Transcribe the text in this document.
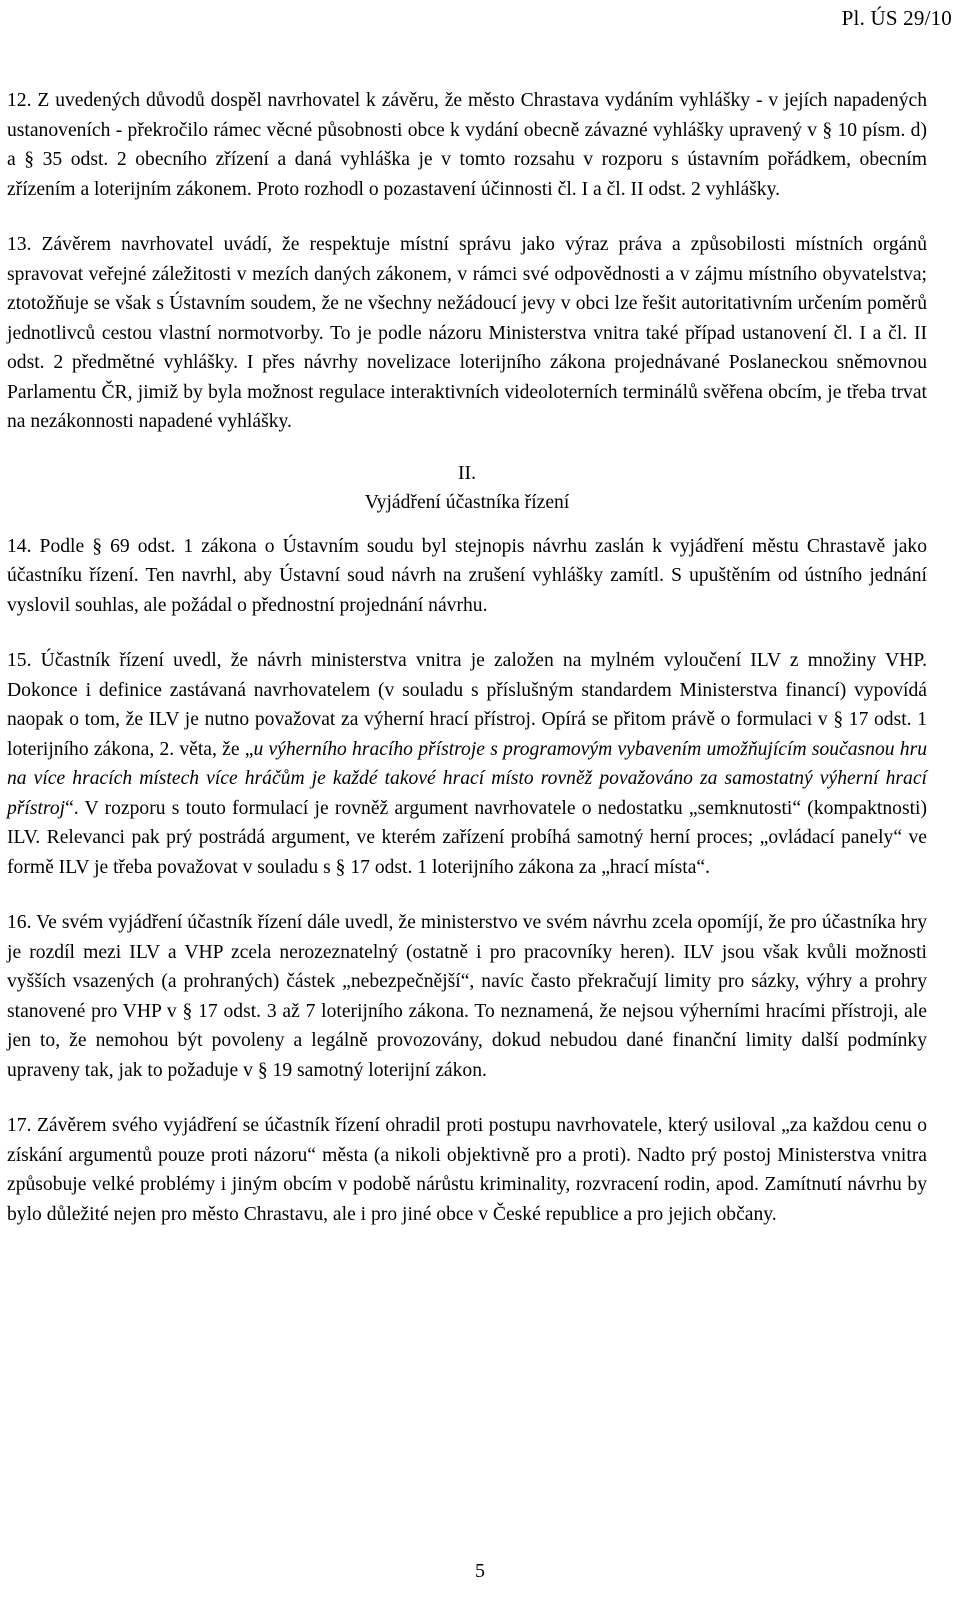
Pl. ÚS 29/10

12. Z uvedených důvodů dospěl navrhovatel k závěru, že město Chrastava vydáním vyhlášky - v jejích napadených ustanoveních - překročilo rámec věcné působnosti obce k vydání obecně závazné vyhlášky upravený v § 10 písm. d) a § 35 odst. 2 obecního zřízení a daná vyhláška je v tomto rozsahu v rozporu s ústavním pořádkem, obecním zřízením a loterijním zákonem. Proto rozhodl o pozastavení účinnosti čl. I a čl. II odst. 2 vyhlášky.

13. Závěrem navrhovatel uvádí, že respektuje místní správu jako výraz práva a způsobilosti místních orgánů spravovat veřejné záležitosti v mezích daných zákonem, v rámci své odpovědnosti a v zájmu místního obyvatelstva; ztotožňuje se však s Ústavním soudem, že ne všechny nežádoucí jevy v obci lze řešit autoritativním určením poměrů jednotlivců cestou vlastní normotvorby. To je podle názoru Ministerstva vnitra také případ ustanovení čl. I a čl. II odst. 2 předmětné vyhlášky. I přes návrhy novelizace loterijního zákona projednávané Poslaneckou sněmovnou Parlamentu ČR, jimiž by byla možnost regulace interaktivních videoloterních terminálů svěřena obcím, je třeba trvat na nezákonnosti napadené vyhlášky.

II.
Vyjádření účastníka řízení

14. Podle § 69 odst. 1 zákona o Ústavním soudu byl stejnopis návrhu zaslán k vyjádření městu Chrastavě jako účastníku řízení. Ten navrhl, aby Ústavní soud návrh na zrušení vyhlášky zamítl. S upuštěním od ústního jednání vyslovil souhlas, ale požádal o přednostní projednání návrhu.

15. Účastník řízení uvedl, že návrh ministerstva vnitra je založen na mylném vyloučení ILV z množiny VHP. Dokonce i definice zastávaná navrhovatelem (v souladu s příslušným standardem Ministerstva financí) vypovídá naopak o tom, že ILV je nutno považovat za výherní hrací přístroj. Opírá se přitom právě o formulaci v § 17 odst. 1 loterijního zákona, 2. věta, že „u výherního hracího přístroje s programovým vybavením umožňujícím současnou hru na více hracích místech více hráčům je každé takové hrací místo rovněž považováno za samostatný výherní hrací přístroj“. V rozporu s touto formulací je rovněž argument navrhovatele o nedostatku „semknutosti“ (kompaktnosti) ILV. Relevanci pak prý postrádá argument, ve kterém zařízení probíhá samotný herní proces; „ovládací panely“ ve formě ILV je třeba považovat v souladu s § 17 odst. 1 loterijního zákona za „hrací místa“.

16. Ve svém vyjádření účastník řízení dále uvedl, že ministerstvo ve svém návrhu zcela opomíjí, že pro účastníka hry je rozdíl mezi ILV a VHP zcela nerozeznatelný (ostatně i pro pracovníky heren). ILV jsou však kvůli možnosti vyšších vsazených (a prohraných) částek „nebezpečnější“, navíc často překračují limity pro sázky, výhry a prohry stanovené pro VHP v § 17 odst. 3 až 7 loterijního zákona. To neznamená, že nejsou výherními hracími přístroji, ale jen to, že nemohou být povoleny a legálně provozovány, dokud nebudou dané finanční limity další podmínky upraveny tak, jak to požaduje v § 19 samotný loterijní zákon.

17. Závěrem svého vyjádření se účastník řízení ohradil proti postupu navrhovatele, který usiloval „za každou cenu o získání argumentů pouze proti názoru“ města (a nikoli objektivně pro a proti). Nadto prý postoj Ministerstva vnitra způsobuje velké problémy i jiným obcím v podobě nárůstu kriminality, rozvracení rodin, apod. Zamítnutí návrhu by bylo důležité nejen pro město Chrastavu, ale i pro jiné obce v České republice a pro jejich občany.

5
